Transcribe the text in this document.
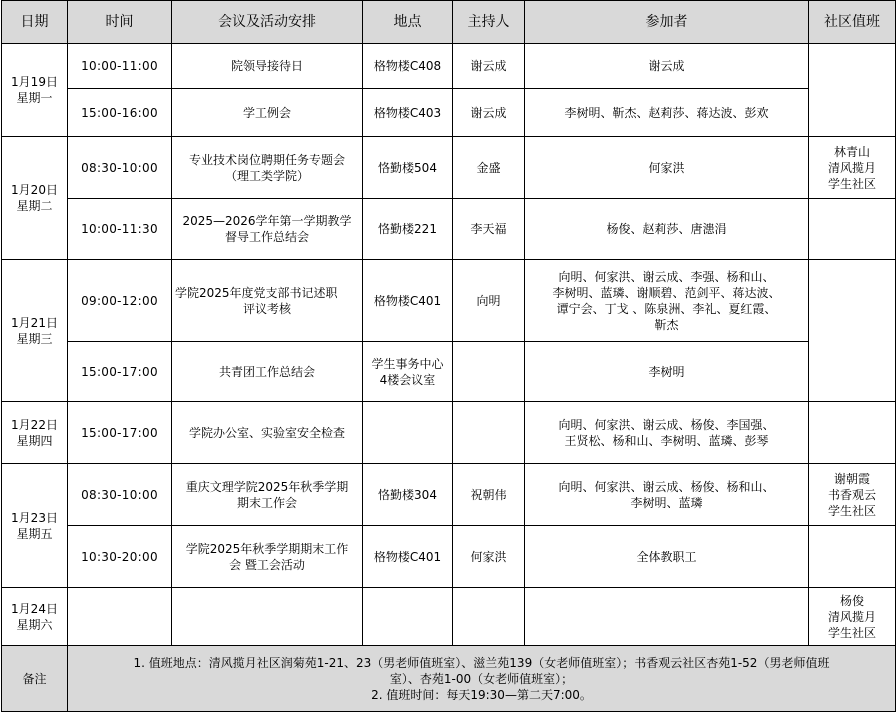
日期	时间	会议及活动安排	地点	主持人	参加者	社区值班

1月19日
星期一	10:00-11:00	院领导接待日	格物楼C408	谢云成	谢云成	

	15:00-16:00	学工例会	格物楼C403	谢云成	李树明、靳杰、赵莉莎、蒋达波、彭欢	

1月20日
星期二	08:30-10:00	专业技术岗位聘期任务专题会
（理工类学院）	恪勤楼504	金盛	何家洪	林青山
清风揽月
学生社区

	10:00-11:30	2025—2026学年第一学期教学
督导工作总结会	恪勤楼221	李天福	杨俊、赵莉莎、唐漶涓	

1月21日
星期三	09:00-12:00	学院2025年度党支部书记述职
评议考核	格物楼C401	向明	向明、何家洪、谢云成、李强、杨和山、
李树明、蓝璘、谢顺碧、范剑平、蒋达波、
谭宁会、丁戈 、陈泉洲、李礼、夏红霞、
靳杰	

	15:00-17:00	共青团工作总结会	学生事务中心
4楼会议室		李树明	

1月22日
星期四	15:00-17:00	学院办公室、实验室安全检查			向明、何家洪、谢云成、杨俊、李国强、
王贤松、杨和山、李树明、蓝璘、彭琴	

1月23日
星期五	08:30-10:00	重庆文理学院2025年秋季学期
期末工作会	恪勤楼304	祝朝伟	向明、何家洪、谢云成、杨俊、杨和山、
李树明、蓝璘	谢朝霞
书香观云
学生社区

	10:30-20:00	学院2025年秋季学期期末工作
会 暨工会活动	格物楼C401	何家洪	全体教职工	

1月24日
星期六						杨俊
清风揽月
学生社区

备注	1. 值班地点：清风揽月社区润菊苑1-21、23（男老师值班室）、滋兰苑139（女老师值班室）；书香观云社区杏苑1-52（男老师值班
室）、杏苑1-00（女老师值班室）；
2. 值班时间：每天19:30—第二天7:00。					
